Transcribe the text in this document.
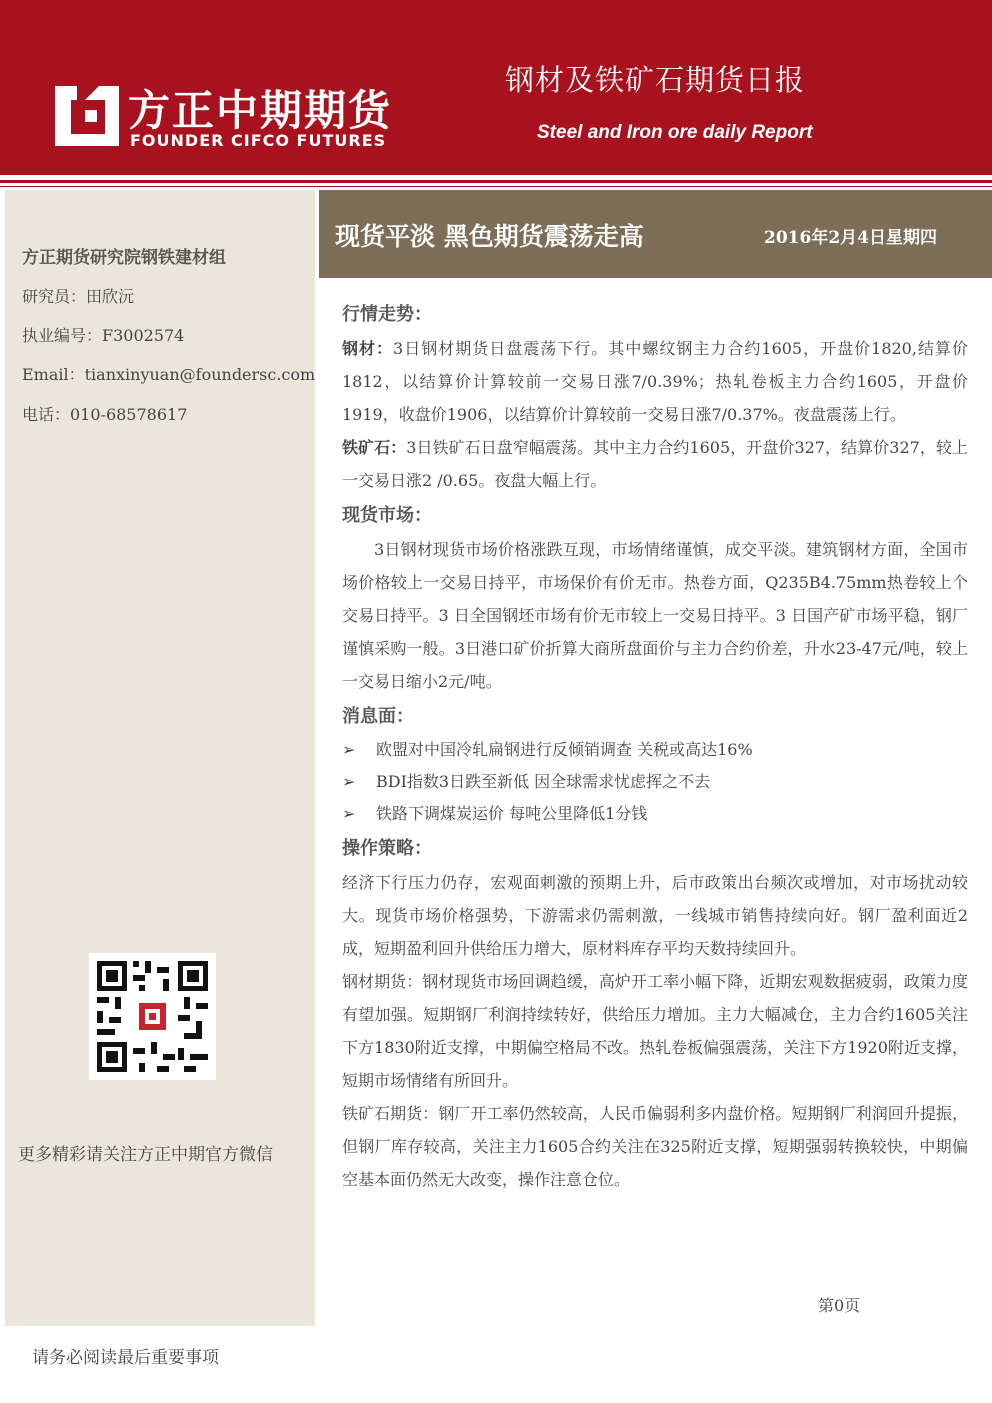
方正中期期货
FOUNDER CIFCO FUTURES
钢材及铁矿石期货日报
Steel and Iron ore daily Report
方正期货研究院钢铁建材组
研究员：田欣沅
执业编号：F3002574
Email：tianxinyuan@foundersc.com
电话：010-68578617
更多精彩请关注方正中期官方微信
现货平淡 黑色期货震荡走高	2016年2月4日星期四
行情走势：

钢材：3日钢材期货日盘震荡下行。其中螺纹钢主力合约1605，开盘价1820,结算价1812，以结算价计算较前一交易日涨7/0.39%；热轧卷板主力合约1605，开盘价1919，收盘价1906，以结算价计算较前一交易日涨7/0.37%。夜盘震荡上行。

铁矿石：3日铁矿石日盘窄幅震荡。其中主力合约1605，开盘价327，结算价327，较上一交易日涨2 /0.65。夜盘大幅上行。

现货市场：

3日钢材现货市场价格涨跌互现，市场情绪谨慎，成交平淡。建筑钢材方面，全国市场价格较上一交易日持平，市场保价有价无市。热卷方面，Q235B4.75mm热卷较上个交易日持平。3 日全国钢坯市场有价无市较上一交易日持平。3 日国产矿市场平稳，钢厂谨慎采购一般。3日港口矿价折算大商所盘面价与主力合约价差，升水23-47元/吨，较上一交易日缩小2元/吨。

消息面：
➢ 欧盟对中国冷轧扁钢进行反倾销调查 关税或高达16%
➢ BDI指数3日跌至新低 因全球需求忧虑挥之不去
➢ 铁路下调煤炭运价 每吨公里降低1分钱
操作策略：

经济下行压力仍存，宏观面刺激的预期上升，后市政策出台频次或增加，对市场扰动较大。现货市场价格强势，下游需求仍需刺激，一线城市销售持续向好。钢厂盈利面近2成，短期盈利回升供给压力增大，原材料库存平均天数持续回升。

钢材期货：钢材现货市场回调趋缓，高炉开工率小幅下降，近期宏观数据疲弱，政策力度有望加强。短期钢厂利润持续转好，供给压力增加。主力大幅减仓，主力合约1605关注下方1830附近支撑，中期偏空格局不改。热轧卷板偏强震荡，关注下方1920附近支撑，短期市场情绪有所回升。

铁矿石期货：钢厂开工率仍然较高，人民币偏弱利多内盘价格。短期钢厂利润回升提振，但钢厂库存较高，关注主力1605合约关注在325附近支撑，短期强弱转换较快，中期偏空基本面仍然无大改变，操作注意仓位。

第0页
请务必阅读最后重要事项
